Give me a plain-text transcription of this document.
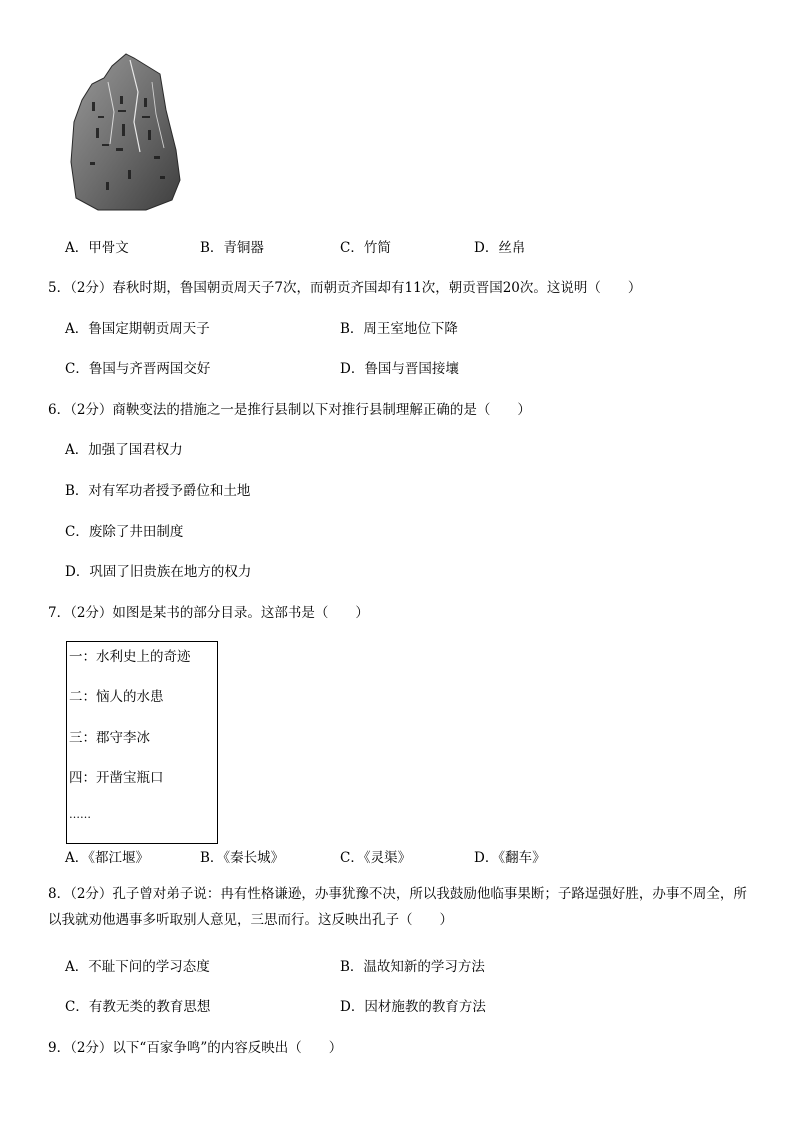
A．甲骨文	B．青铜器	C．竹简	D．丝帛
5．（2分）春秋时期，鲁国朝贡周天子7次，而朝贡齐国却有11次，朝贡晋国20次。这说明（　　）
A．鲁国定期朝贡周天子	B．周王室地位下降
C．鲁国与齐晋两国交好	D．鲁国与晋国接壤
6．（2分）商鞅变法的措施之一是推行县制以下对推行县制理解正确的是（　　）
A．加强了国君权力
B．对有军功者授予爵位和土地
C．废除了井田制度
D．巩固了旧贵族在地方的权力
7．（2分）如图是某书的部分目录。这部书是（　　）
一：水利史上的奇迹
二：恼人的水患
三：郡守李冰
四：开凿宝瓶口
……
A．《都江堰》	B．《秦长城》	C．《灵渠》	D．《翻车》
8．（2分）孔子曾对弟子说：冉有性格谦逊，办事犹豫不决，所以我鼓励他临事果断；子路逞强好胜，办事不周全，所以我就劝他遇事多听取别人意见，三思而行。这反映出孔子（　　）
A．不耻下问的学习态度	B．温故知新的学习方法
C．有教无类的教育思想	D．因材施教的教育方法
9．（2分）以下“百家争鸣”的内容反映出（　　）
